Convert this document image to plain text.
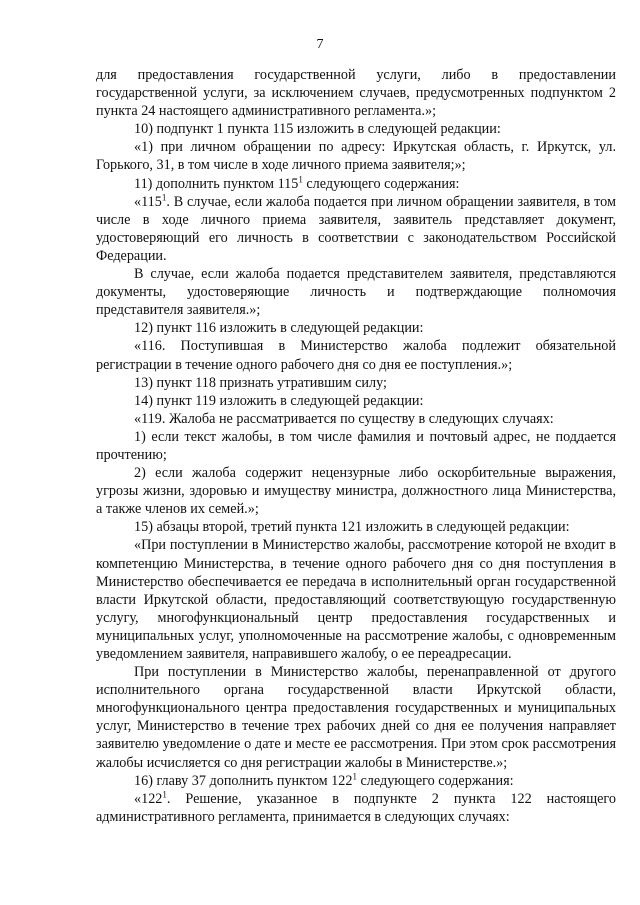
7

для предоставления государственной услуги, либо в предоставлении государственной услуги, за исключением случаев, предусмотренных подпунктом 2 пункта 24 настоящего административного регламента.»;

10) подпункт 1 пункта 115 изложить в следующей редакции:

«1) при личном обращении по адресу: Иркутская область, г. Иркутск, ул. Горького, 31, в том числе в ходе личного приема заявителя;»;

11) дополнить пунктом $115^1$ следующего содержания:

«$115^1$. В случае, если жалоба подается при личном обращении заявителя, в том числе в ходе личного приема заявителя, заявитель представляет документ, удостоверяющий его личность в соответствии с законодательством Российской Федерации.

В случае, если жалоба подается представителем заявителя, представляются документы, удостоверяющие личность и подтверждающие полномочия представителя заявителя.»;

12) пункт 116 изложить в следующей редакции:

«116. Поступившая в Министерство жалоба подлежит обязательной регистрации в течение одного рабочего дня со дня ее поступления.»;

13) пункт 118 признать утратившим силу;

14) пункт 119 изложить в следующей редакции:

«119. Жалоба не рассматривается по существу в следующих случаях:

1) если текст жалобы, в том числе фамилия и почтовый адрес, не поддается прочтению;

2) если жалоба содержит нецензурные либо оскорбительные выражения, угрозы жизни, здоровью и имуществу министра, должностного лица Министерства, а также членов их семей.»;

15) абзацы второй, третий пункта 121 изложить в следующей редакции:

«При поступлении в Министерство жалобы, рассмотрение которой не входит в компетенцию Министерства, в течение одного рабочего дня со дня поступления в Министерство обеспечивается ее передача в исполнительный орган государственной власти Иркутской области, предоставляющий соответствующую государственную услугу, многофункциональный центр предоставления государственных и муниципальных услуг, уполномоченные на рассмотрение жалобы, с одновременным уведомлением заявителя, направившего жалобу, о ее переадресации.

При поступлении в Министерство жалобы, перенаправленной от другого исполнительного органа государственной власти Иркутской области, многофункционального центра предоставления государственных и муниципальных услуг, Министерство в течение трех рабочих дней со дня ее получения направляет заявителю уведомление о дате и месте ее рассмотрения. При этом срок рассмотрения жалобы исчисляется со дня регистрации жалобы в Министерстве.»;

16) главу 37 дополнить пунктом $122^1$ следующего содержания:

«$122^1$. Решение, указанное в подпункте 2 пункта 122 настоящего административного регламента, принимается в следующих случаях:
